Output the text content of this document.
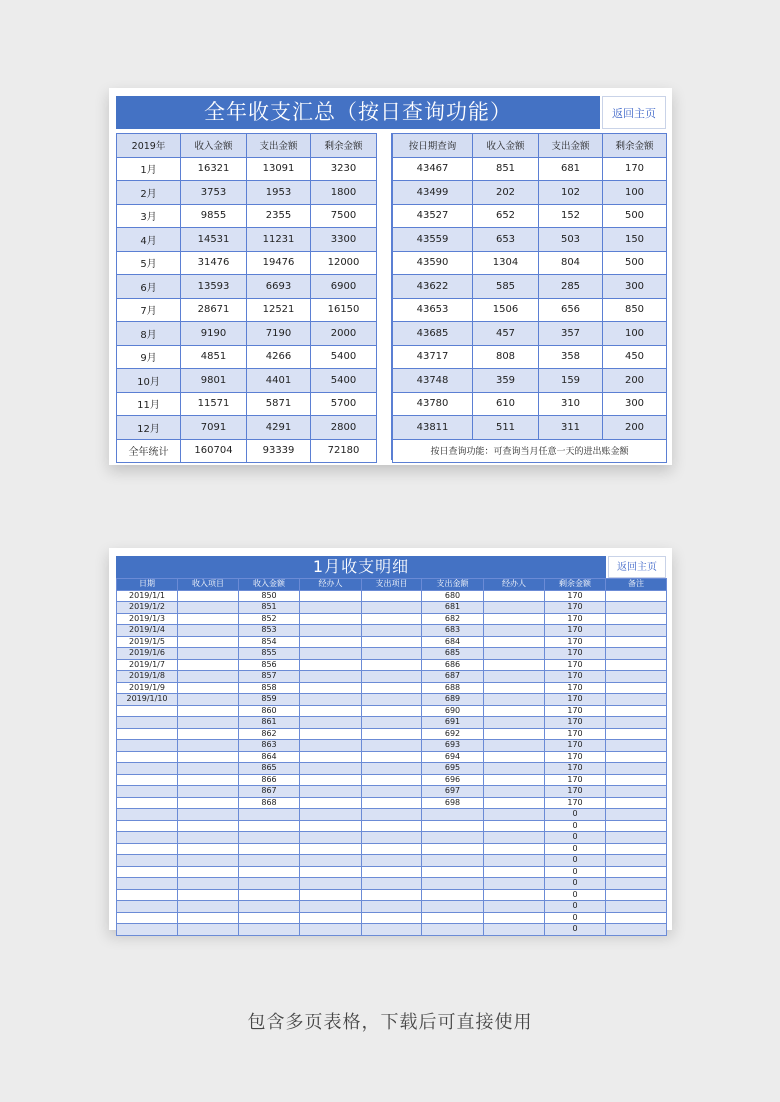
全年收支汇总（按日查询功能）	返回主页
2019年	收入金额	支出金额	剩余金额
1月	16321	13091	3230
2月	3753	1953	1800
3月	9855	2355	7500
4月	14531	11231	3300
5月	31476	19476	12000
6月	13593	6693	6900
7月	28671	12521	16150
8月	9190	7190	2000
9月	4851	4266	5400
10月	9801	4401	5400
11月	11571	5871	5700
12月	7091	4291	2800
全年统计	160704	93339	72180
按日期查询	收入金额	支出金额	剩余金额
43467	851	681	170
43499	202	102	100
43527	652	152	500
43559	653	503	150
43590	1304	804	500
43622	585	285	300
43653	1506	656	850
43685	457	357	100
43717	808	358	450
43748	359	159	200
43780	610	310	300
43811	511	311	200
按日查询功能：可查询当月任意一天的进出账金额			
1月收支明细	返回主页
日期	收入项目	收入金额	经办人	支出项目	支出金额	经办人	剩余金额	备注
2019/1/1		850			680		170	
2019/1/2		851			681		170	
2019/1/3		852			682		170	
2019/1/4		853			683		170	
2019/1/5		854			684		170	
2019/1/6		855			685		170	
2019/1/7		856			686		170	
2019/1/8		857			687		170	
2019/1/9		858			688		170	
2019/1/10		859			689		170	
		860			690		170	
		861			691		170	
		862			692		170	
		863			693		170	
		864			694		170	
		865			695		170	
		866			696		170	
		867			697		170	
		868			698		170	
							0	
							0	
							0	
							0	
							0	
							0	
							0	
							0	
							0	
							0	
							0	
包含多页表格，下载后可直接使用
